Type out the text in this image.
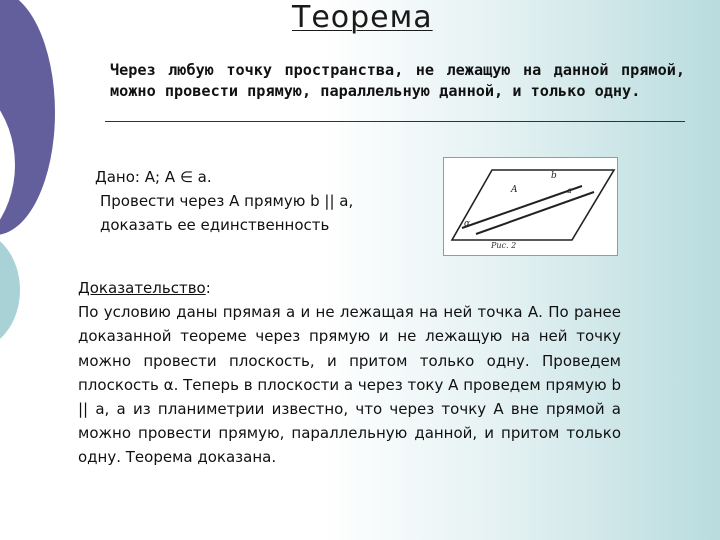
Теорема
Через любую точку пространства, не лежащую на данной прямой, можно провести прямую, параллельную данной, и только одну.
Дано: А; А ∈ а.
Провести через А прямую b || a,
доказать ее единственность
A
b
a
α
Рис. 2
Доказательство:
По условию даны прямая а и не лежащая на ней точка А. По ранее доказанной теореме через прямую и не лежащую на ней точку можно провести плоскость, и притом только одну. Проведем плоскость α. Теперь в плоскости а через току А проведем прямую b || a, а из планиметрии известно, что через точку А вне прямой а можно провести прямую, параллельную данной, и притом только одну. Теорема доказана.
